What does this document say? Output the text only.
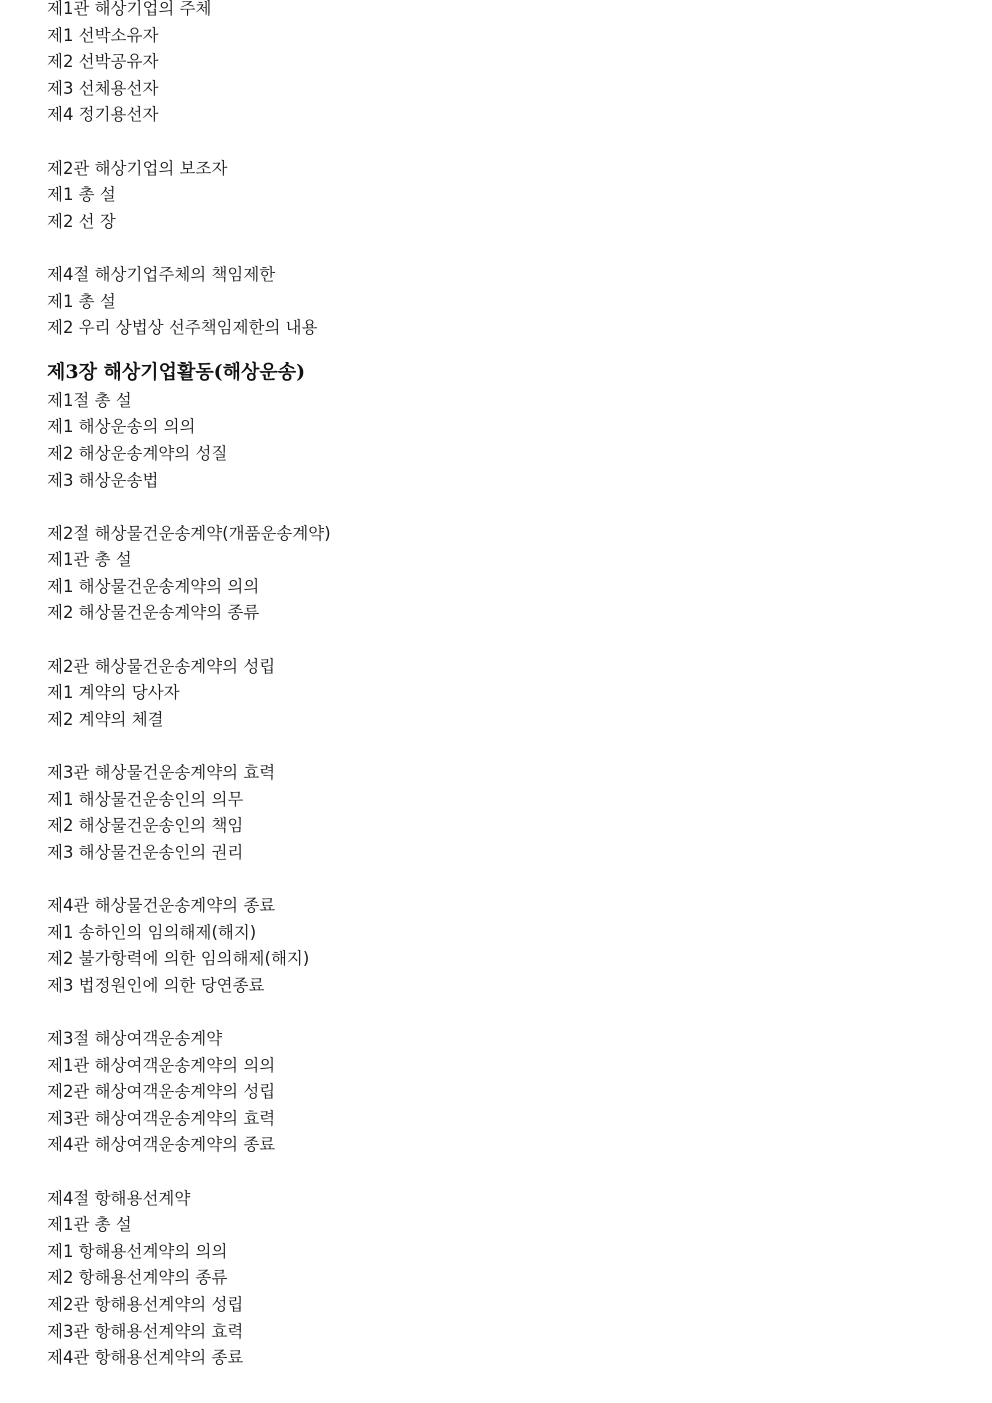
제1관 해상기업의 주체
제1 선박소유자
제2 선박공유자
제3 선체용선자
제4 정기용선자
제2관 해상기업의 보조자
제1 총 설
제2 선 장
제4절 해상기업주체의 책임제한
제1 총 설
제2 우리 상법상 선주책임제한의 내용
제3장 해상기업활동(해상운송)
제1절 총 설
제1 해상운송의 의의
제2 해상운송계약의 성질
제3 해상운송법
제2절 해상물건운송계약(개품운송계약)
제1관 총 설
제1 해상물건운송계약의 의의
제2 해상물건운송계약의 종류
제2관 해상물건운송계약의 성립
제1 계약의 당사자
제2 계약의 체결
제3관 해상물건운송계약의 효력
제1 해상물건운송인의 의무
제2 해상물건운송인의 책임
제3 해상물건운송인의 권리
제4관 해상물건운송계약의 종료
제1 송하인의 임의해제(해지)
제2 불가항력에 의한 임의해제(해지)
제3 법정원인에 의한 당연종료
제3절 해상여객운송계약
제1관 해상여객운송계약의 의의
제2관 해상여객운송계약의 성립
제3관 해상여객운송계약의 효력
제4관 해상여객운송계약의 종료
제4절 항해용선계약
제1관 총 설
제1 항해용선계약의 의의
제2 항해용선계약의 종류
제2관 항해용선계약의 성립
제3관 항해용선계약의 효력
제4관 항해용선계약의 종료
